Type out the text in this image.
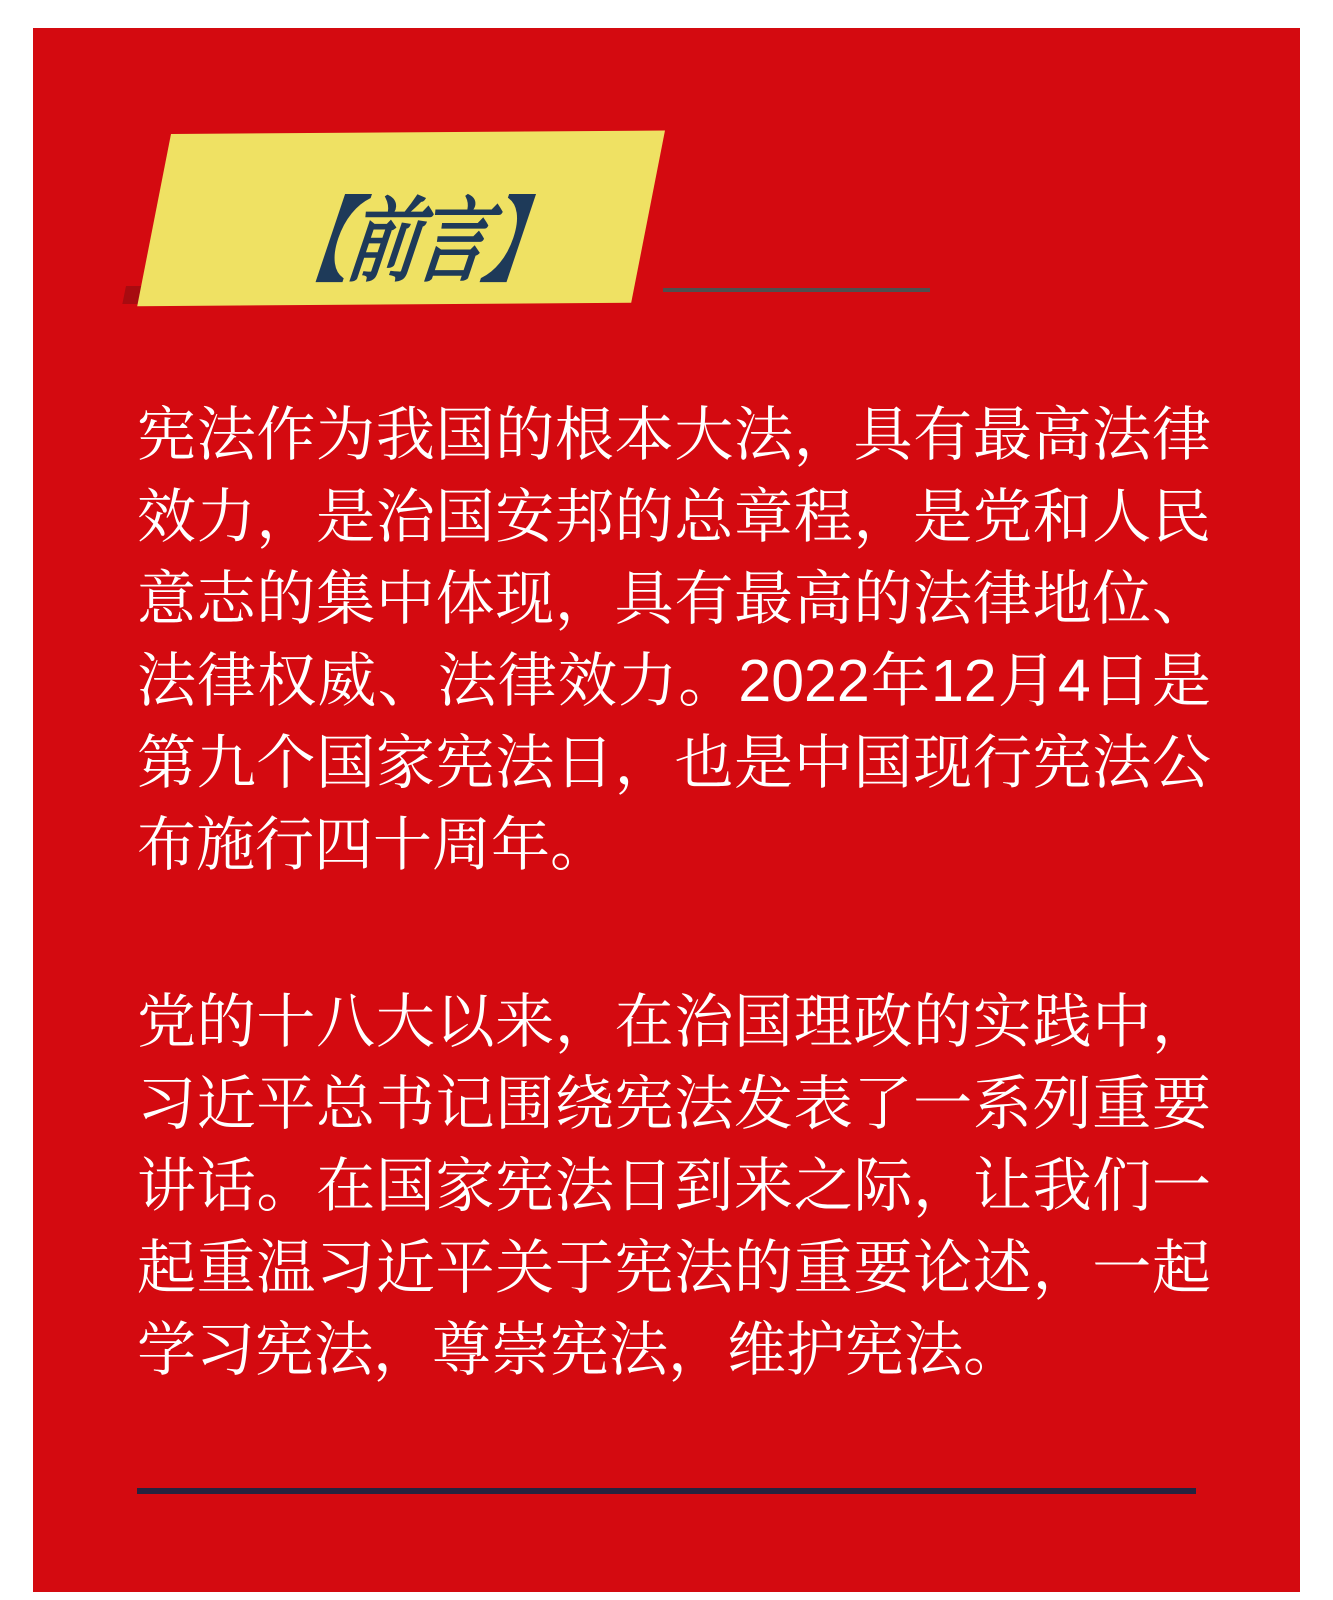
【前言】
宪法作为我国的根本大法，具有最高法律
效力，是治国安邦的总章程，是党和人民
意志的集中体现，具有最高的法律地位、
法律权威、法律效力。2022年12月4日是
第九个国家宪法日，也是中国现行宪法公
布施行四十周年。
党的十八大以来，在治国理政的实践中，
习近平总书记围绕宪法发表了一系列重要
讲话。在国家宪法日到来之际，让我们一
起重温习近平关于宪法的重要论述，一起
学习宪法，尊崇宪法，维护宪法。
